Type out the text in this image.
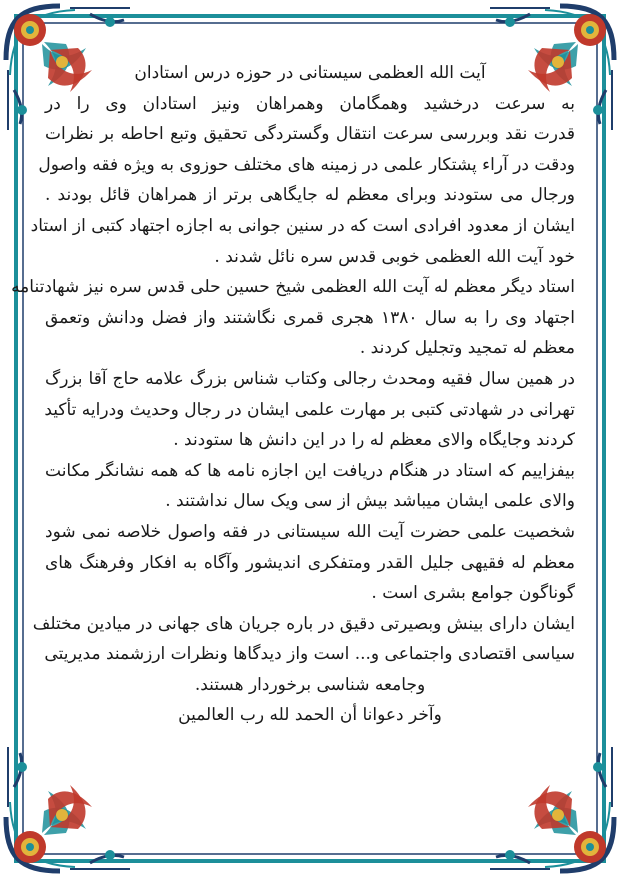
آیت الله العظمی سیستانی در حوزه درس استادان
به سرعت درخشید وهمگامان وهمراهان ونیز استادان وی را در
قدرت نقد وبررسی سرعت انتقال وگستردگی تحقیق وتبع احاطه بر نظرات
ودقت در آراء پشتکار علمی در زمینه های مختلف حوزوی به ویژه فقه واصول
ورجال می ستودند وبرای معظم له جایگاهی برتر از همراهان قائل بودند .
ایشان از معدود افرادی است که در سنین جوانی به اجازه اجتهاد کتبی از استاد
خود آیت الله العظمی خوبی قدس سره نائل شدند .
استاد دیگر معظم له آیت الله العظمی شیخ حسین حلی قدس سره نیز شهادتنامه
اجتهاد وی را به سال ۱۳۸۰ هجری قمری نگاشتند واز فضل ودانش وتعمق
معظم له تمجید وتجلیل کردند .
در همین سال فقیه ومحدث رجالی وکتاب شناس بزرگ علامه حاج آقا بزرگ
تهرانی در شهادتی کتبی بر مهارت علمی ایشان در رجال وحدیث ودرایه تأکید
کردند وجایگاه والای معظم له را در این دانش ها ستودند .
بیفزاییم که استاد در هنگام دریافت این اجازه نامه ها که همه نشانگر مکانت
والای علمی ایشان میباشد بیش از سی ویک سال نداشتند .
شخصیت علمی حضرت آیت الله سیستانی در فقه واصول خلاصه نمی شود
معظم له فقیهی جلیل القدر ومتفکری اندیشور وآگاه به افکار وفرهنگ های
گوناگون جوامع بشری است .
ایشان دارای بینش وبصیرتی دقیق در باره جریان های جهانی در میادین مختلف
سیاسی اقتصادی واجتماعی و... است واز دیدگاها ونظرات ارزشمند مدیریتی
وجامعه شناسی برخوردار هستند.
وآخر دعوانا أن الحمد لله رب العالمین
